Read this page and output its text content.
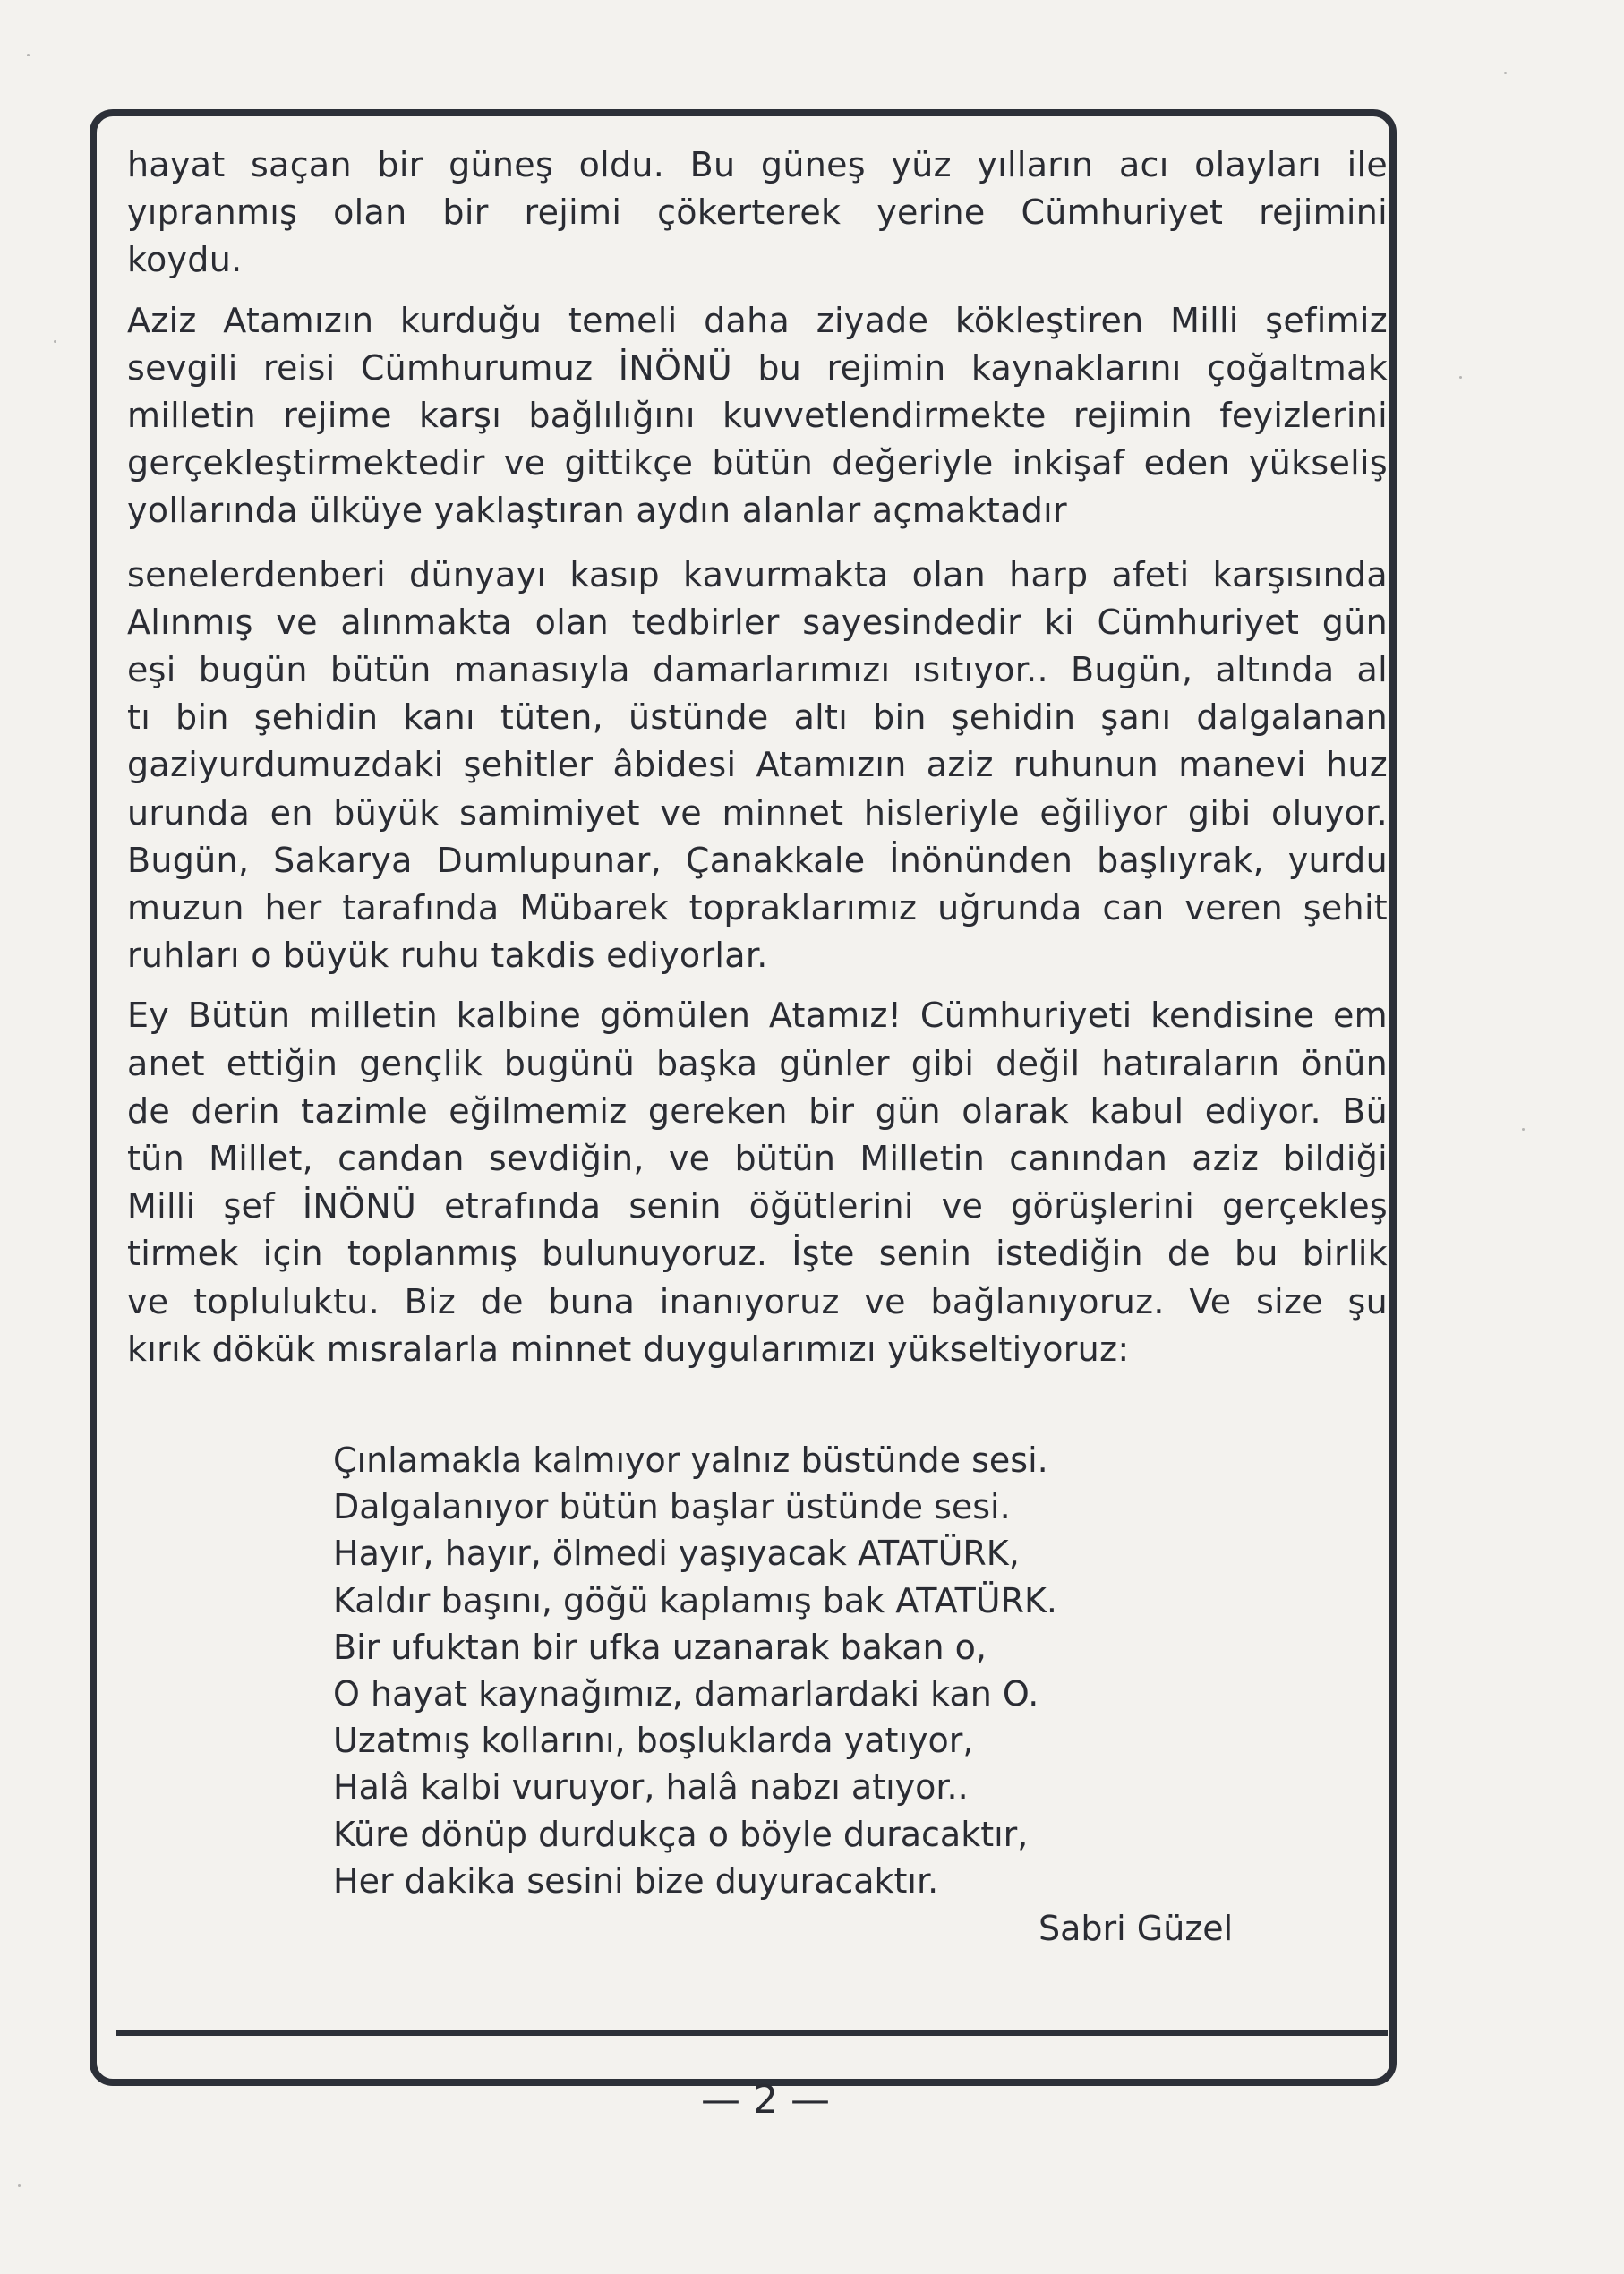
hayat saçan bir güneş oldu. Bu güneş yüz yılların acı olayları ile
yıpranmış olan bir rejimi çökerterek yerine Cümhuriyet rejimini
koydu.
Aziz Atamızın kurduğu temeli daha ziyade kökleştiren Milli şefimiz
sevgili reisi Cümhurumuz İNÖNÜ bu rejimin kaynaklarını çoğaltmak
milletin rejime karşı bağlılığını kuvvetlendirmekte rejimin feyizlerini
gerçekleştirmektedir ve gittikçe bütün değeriyle inkişaf eden yükseliş
yollarında ülküye yaklaştıran aydın alanlar açmaktadır
senelerdenberi dünyayı kasıp kavurmakta olan harp afeti karşısında
Alınmış ve alınmakta olan tedbirler sayesindedir ki Cümhuriyet gün
eşi bugün bütün manasıyla damarlarımızı ısıtıyor.. Bugün, altında al
tı bin şehidin kanı tüten, üstünde altı bin şehidin şanı dalgalanan
gaziyurdumuzdaki şehitler âbidesi Atamızın aziz ruhunun manevi huz
urunda en büyük samimiyet ve minnet hisleriyle eğiliyor gibi oluyor.
Bugün, Sakarya Dumlupunar, Çanakkale İnönünden başlıyrak, yurdu
muzun her tarafında Mübarek topraklarımız uğrunda can veren şehit
ruhları o büyük ruhu takdis ediyorlar.
Ey Bütün milletin kalbine gömülen Atamız! Cümhuriyeti kendisine em
anet ettiğin gençlik bugünü başka günler gibi değil hatıraların önün
de derin tazimle eğilmemiz gereken bir gün olarak kabul ediyor. Bü
tün Millet, candan sevdiğin, ve bütün Milletin canından aziz bildiği
Milli şef İNÖNÜ etrafında senin öğütlerini ve görüşlerini gerçekleş
tirmek için toplanmış bulunuyoruz. İşte senin istediğin de bu birlik
ve topluluktu. Biz de buna inanıyoruz ve bağlanıyoruz. Ve size şu
kırık dökük mısralarla minnet duygularımızı yükseltiyoruz:
Çınlamakla kalmıyor yalnız büstünde sesi.
Dalgalanıyor bütün başlar üstünde sesi.
Hayır, hayır, ölmedi yaşıyacak ATATÜRK,
Kaldır başını, göğü kaplamış bak ATATÜRK.
Bir ufuktan bir ufka uzanarak bakan o,
O hayat kaynağımız, damarlardaki kan O.
Uzatmış kollarını, boşluklarda yatıyor,
Halâ kalbi vuruyor, halâ nabzı atıyor..
Küre dönüp durdukça o böyle duracaktır,
Her dakika sesini bize duyuracaktır.
Sabri Güzel
— 2 —
